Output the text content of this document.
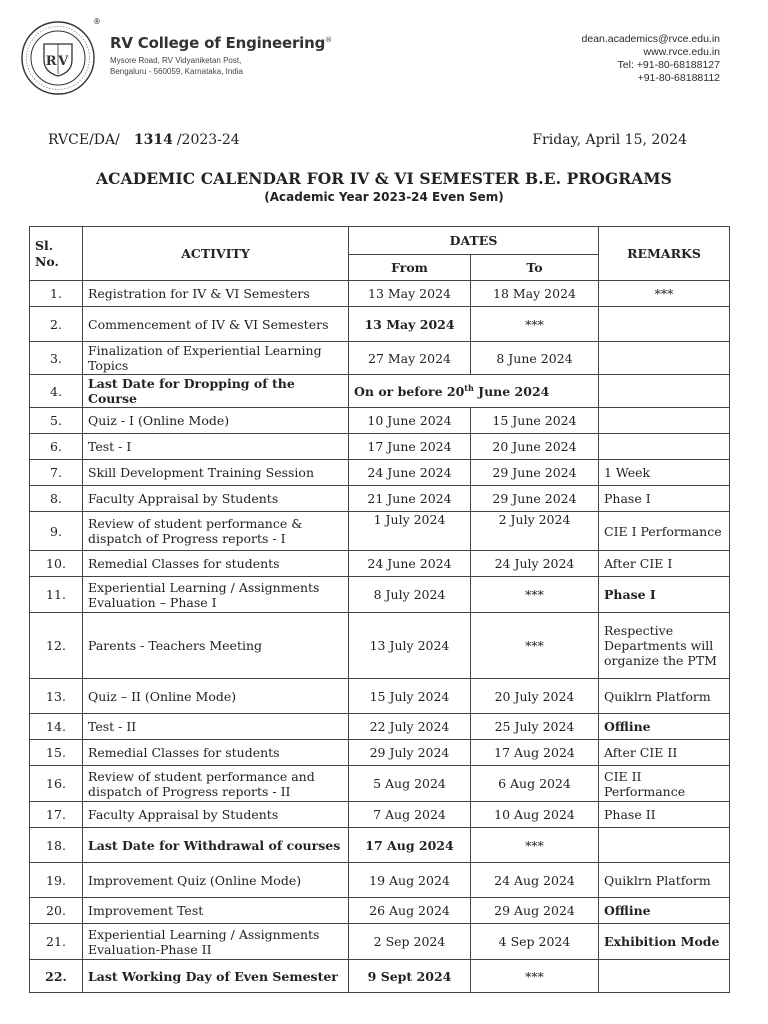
RV
®
RV College of Engineering®
Mysore Road, RV Vidyaniketan Post,
Bengaluru - 560059, Karnataka, India
dean.academics@rvce.edu.in
www.rvce.edu.in
Tel: +91-80-68188127
+91-80-68188112
RVCE/DA/ 1314 /2023-24	Friday, April 15, 2024
ACADEMIC CALENDAR FOR IV & VI SEMESTER B.E. PROGRAMS
(Academic Year 2023-24 Even Sem)
Sl. No.	ACTIVITY	DATES		REMARKS
		From	To	
1.	Registration for IV & VI Semesters	13 May 2024	18 May 2024	***
2.	Commencement of IV & VI Semesters	13 May 2024	***	
3.	Finalization of Experiential Learning Topics	27 May 2024	8 June 2024	
4.	Last Date for Dropping of the Course	On or before 20th June 2024		
5.	Quiz - I (Online Mode)	10 June 2024	15 June 2024	
6.	Test - I	17 June 2024	20 June 2024	
7.	Skill Development Training Session	24 June 2024	29 June 2024	1 Week
8.	Faculty Appraisal by Students	21 June 2024	29 June 2024	Phase I
9.	Review of student performance & dispatch of Progress reports - I	1 July 2024	2 July 2024	CIE I Performance
10.	Remedial Classes for students	24 June 2024	24 July 2024	After CIE I
11.	Experiential Learning / Assignments Evaluation – Phase I	8 July 2024	***	Phase I
12.	Parents - Teachers Meeting	13 July 2024	***	Respective Departments will organize the PTM
13.	Quiz – II (Online Mode)	15 July 2024	20 July 2024	Quiklrn Platform
14.	Test - II	22 July 2024	25 July 2024	Offline
15.	Remedial Classes for students	29 July 2024	17 Aug 2024	After CIE II
16.	Review of student performance and dispatch of Progress reports - II	5 Aug 2024	6 Aug 2024	CIE II Performance
17.	Faculty Appraisal by Students	7 Aug 2024	10 Aug 2024	Phase II
18.	Last Date for Withdrawal of courses	17 Aug 2024	***	
19.	Improvement Quiz (Online Mode)	19 Aug 2024	24 Aug 2024	Quiklrn Platform
20.	Improvement Test	26 Aug 2024	29 Aug 2024	Offline
21.	Experiential Learning / Assignments Evaluation-Phase II	2 Sep 2024	4 Sep 2024	Exhibition Mode
22.	Last Working Day of Even Semester	9 Sept 2024	***	
